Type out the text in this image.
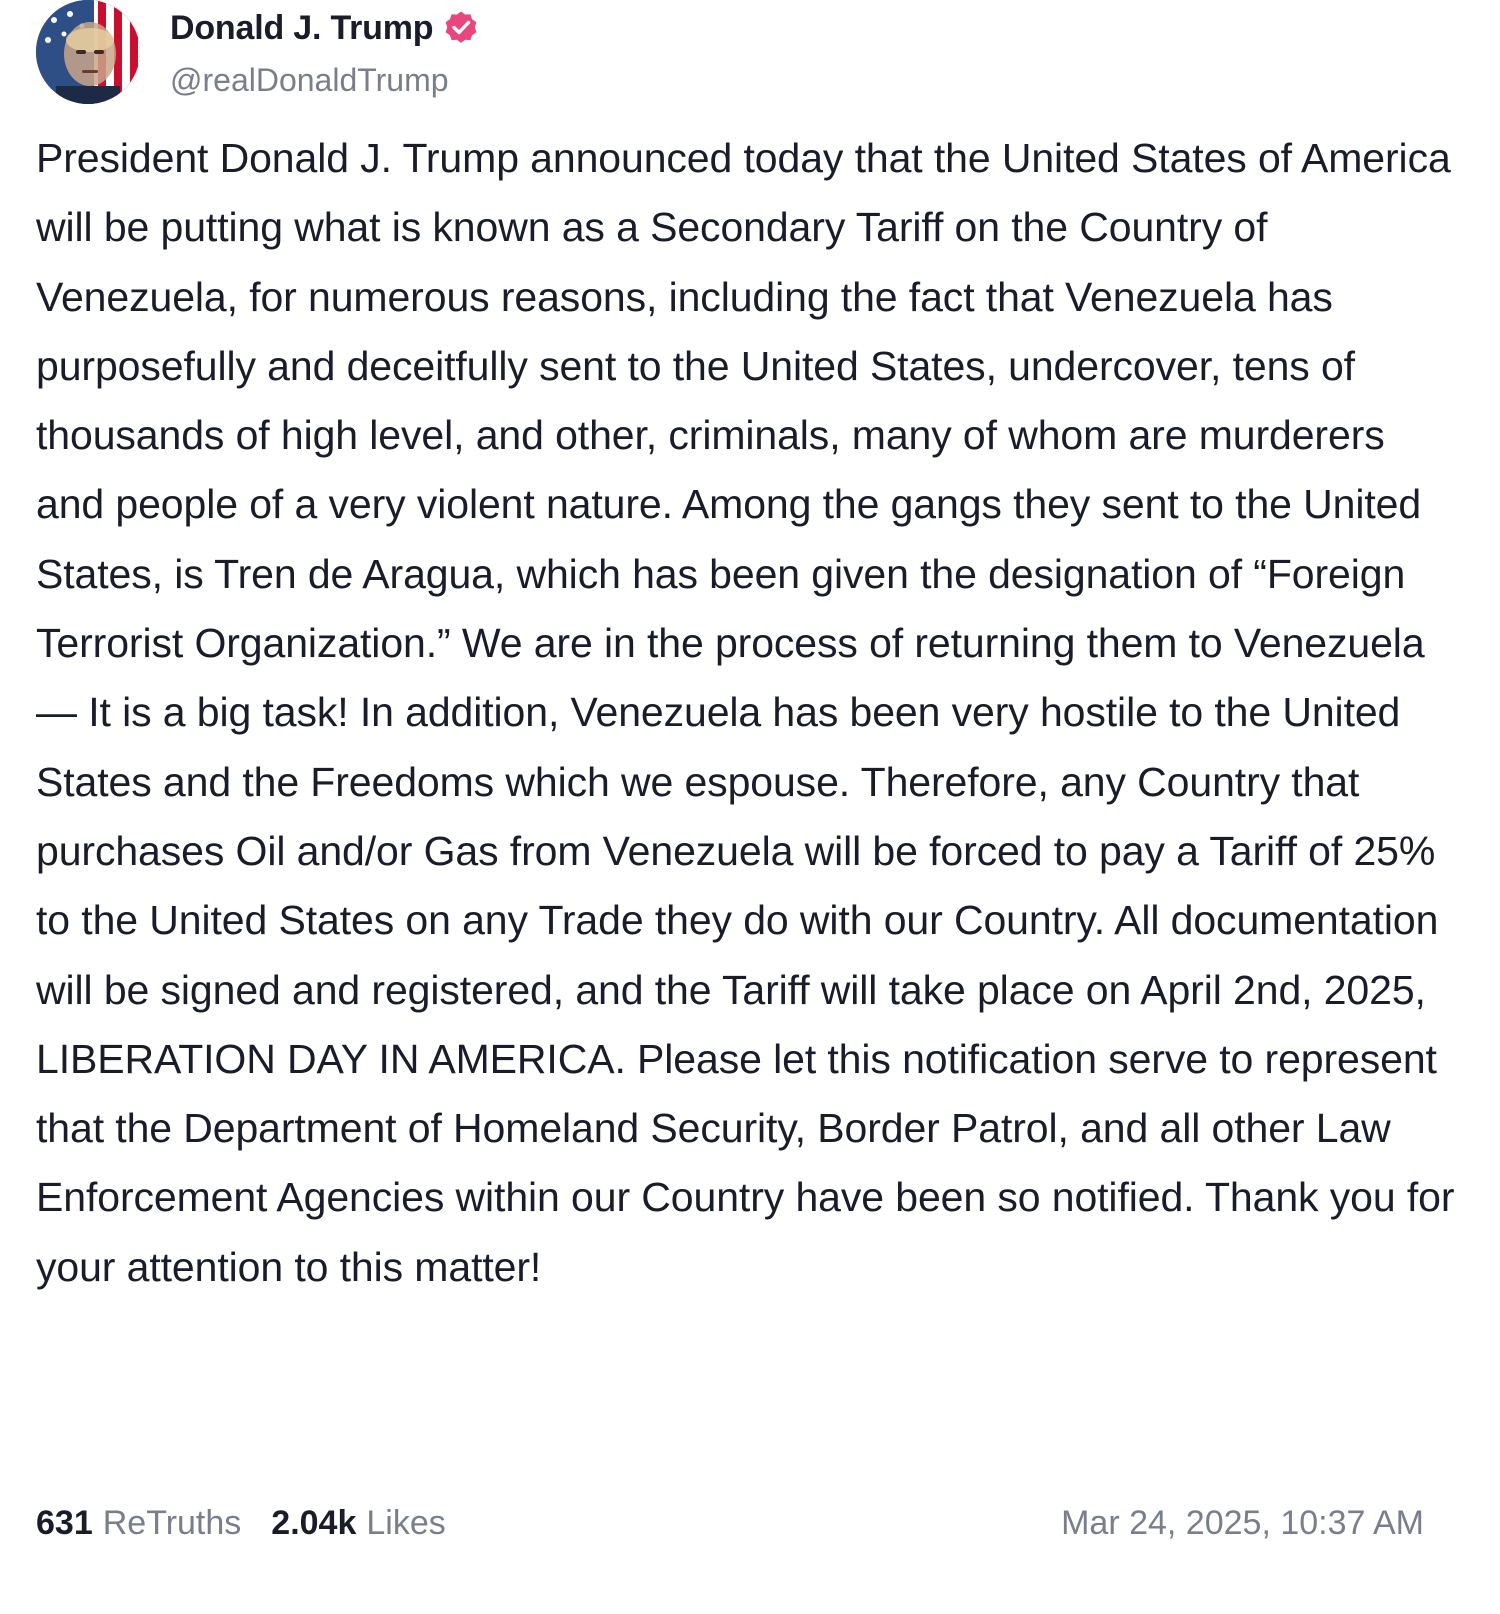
Donald J. Trump
@realDonaldTrump

President Donald J. Trump announced today that the United States of America will be putting what is known as a Secondary Tariff on the Country of Venezuela, for numerous reasons, including the fact that Venezuela has purposefully and deceitfully sent to the United States, undercover, tens of thousands of high level, and other, criminals, many of whom are murderers and people of a very violent nature. Among the gangs they sent to the United States, is Tren de Aragua, which has been given the designation of “Foreign Terrorist Organization.” We are in the process of returning them to Venezuela — It is a big task! In addition, Venezuela has been very hostile to the United States and the Freedoms which we espouse. Therefore, any Country that purchases Oil and/or Gas from Venezuela will be forced to pay a Tariff of 25% to the United States on any Trade they do with our Country. All documentation will be signed and registered, and the Tariff will take place on April 2nd, 2025, LIBERATION DAY IN AMERICA. Please let this notification serve to represent that the Department of Homeland Security, Border Patrol, and all other Law Enforcement Agencies within our Country have been so notified. Thank you for your attention to this matter!

631 ReTruths 2.04k Likes	Mar 24, 2025, 10:37 AM
